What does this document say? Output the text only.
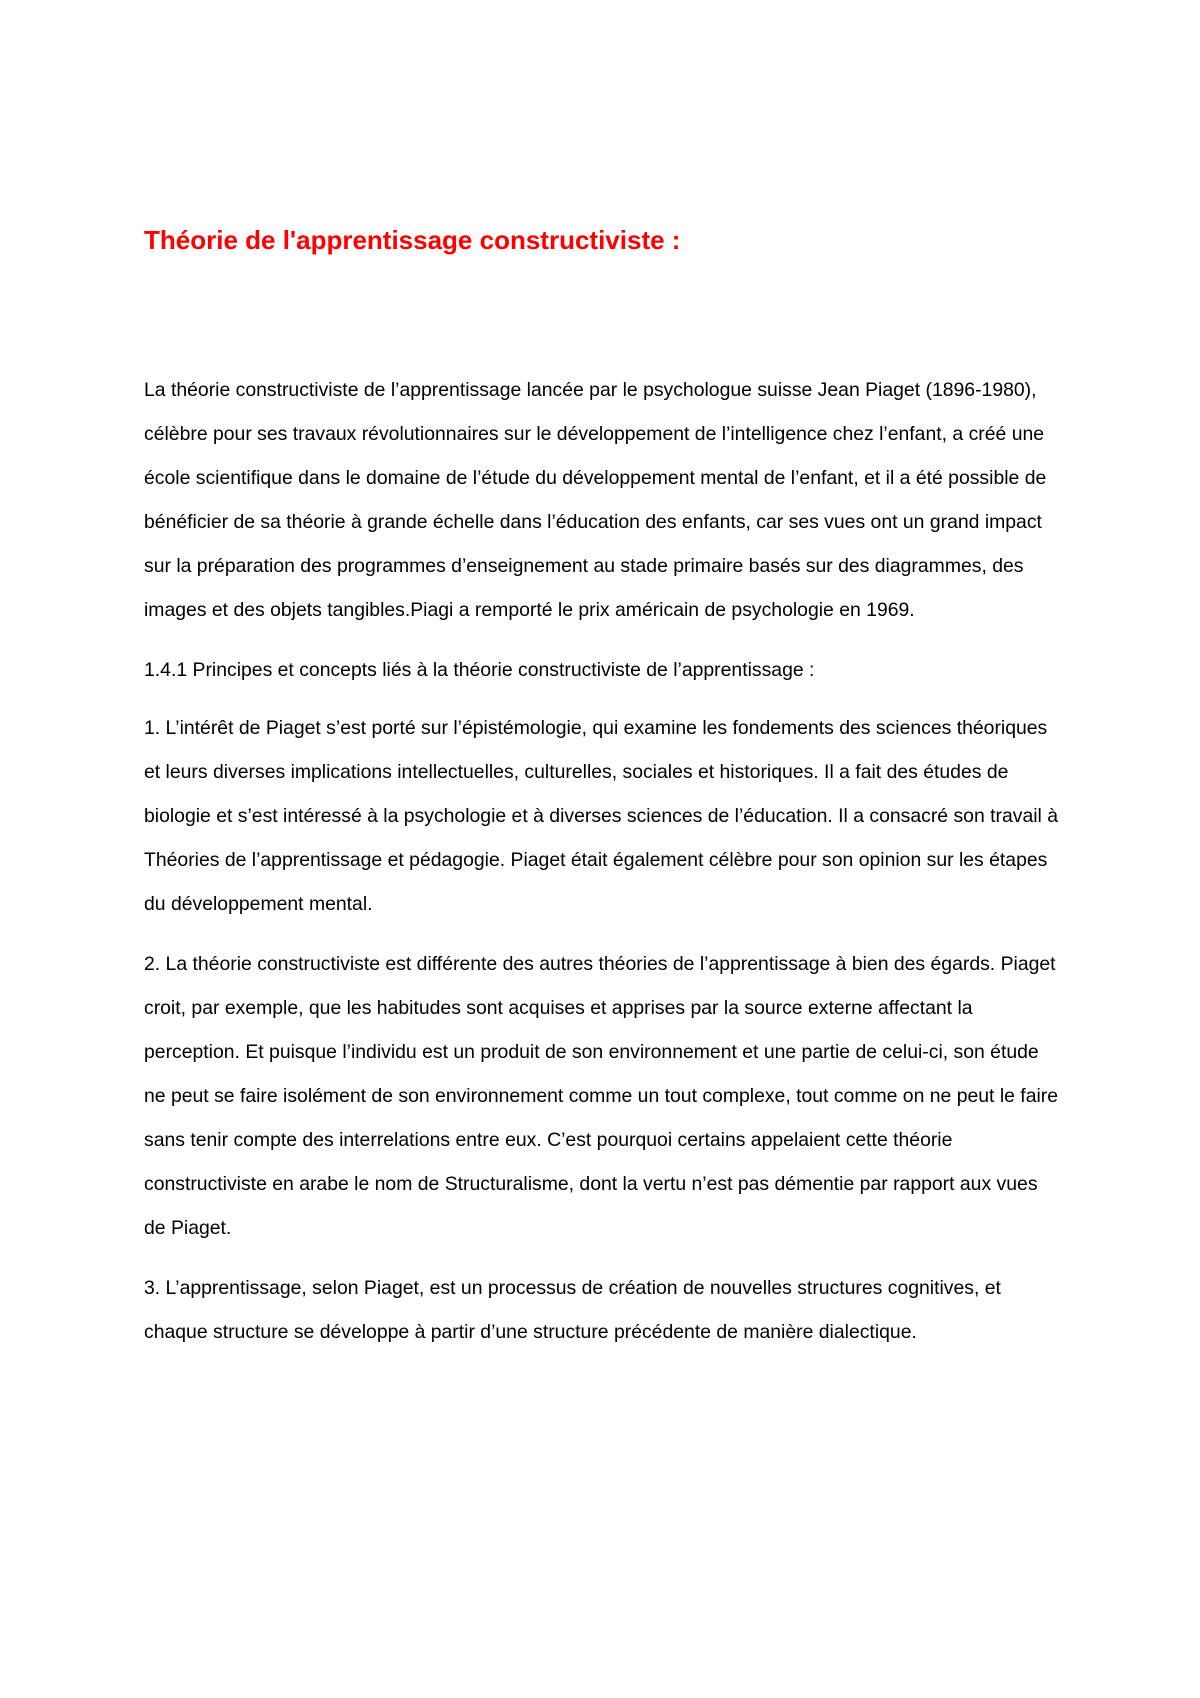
Théorie de l'apprentissage constructiviste :

La théorie constructiviste de l’apprentissage lancée par le psychologue suisse Jean Piaget (1896-1980), célèbre pour ses travaux révolutionnaires sur le développement de l’intelligence chez l’enfant, a créé une école scientifique dans le domaine de l’étude du développement mental de l’enfant, et il a été possible de bénéficier de sa théorie à grande échelle dans l’éducation des enfants, car ses vues ont un grand impact sur la préparation des programmes d’enseignement au stade primaire basés sur des diagrammes, des images et des objets tangibles.Piagi a remporté le prix américain de psychologie en 1969.

1.4.1 Principes et concepts liés à la théorie constructiviste de l’apprentissage :

1. L’intérêt de Piaget s’est porté sur l’épistémologie, qui examine les fondements des sciences théoriques et leurs diverses implications intellectuelles, culturelles, sociales et historiques. Il a fait des études de biologie et s’est intéressé à la psychologie et à diverses sciences de l’éducation. Il a consacré son travail à Théories de l’apprentissage et pédagogie. Piaget était également célèbre pour son opinion sur les étapes du développement mental.

2. La théorie constructiviste est différente des autres théories de l’apprentissage à bien des égards. Piaget croit, par exemple, que les habitudes sont acquises et apprises par la source externe affectant la perception. Et puisque l’individu est un produit de son environnement et une partie de celui-ci, son étude ne peut se faire isolément de son environnement comme un tout complexe, tout comme on ne peut le faire sans tenir compte des interrelations entre eux. C’est pourquoi certains appelaient cette théorie constructiviste en arabe le nom de Structuralisme, dont la vertu n’est pas démentie par rapport aux vues de Piaget.

3. L’apprentissage, selon Piaget, est un processus de création de nouvelles structures cognitives, et chaque structure se développe à partir d’une structure précédente de manière dialectique.
